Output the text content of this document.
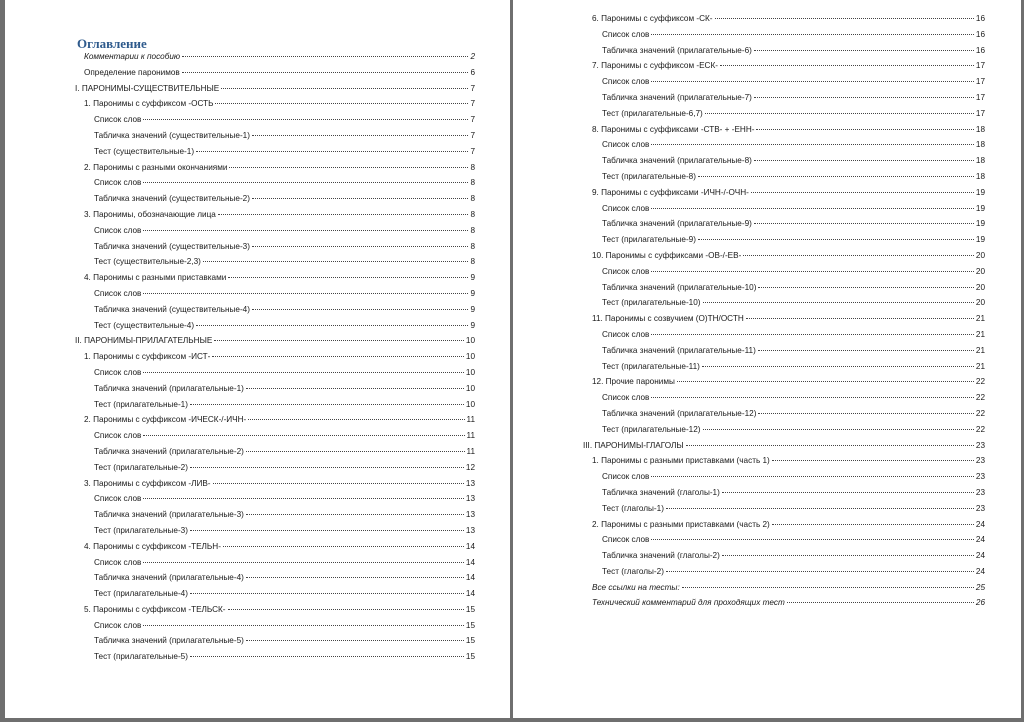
Оглавление
Комментарии к пособию	2
Определение паронимов	6
I. ПАРОНИМЫ-СУЩЕСТВИТЕЛЬНЫЕ	7
1. Паронимы с суффиксом -ОСТЬ	7
Список слов	7
Табличка значений (существительные-1)	7
Тест (существительные-1)	7
2. Паронимы с разными окончаниями	8
Список слов	8
Табличка значений (существительные-2)	8
3. Паронимы, обозначающие лица	8
Список слов	8
Табличка значений (существительные-3)	8
Тест (существительные-2,3)	8
4. Паронимы с разными приставками	9
Список слов	9
Табличка значений (существительные-4)	9
Тест (существительные-4)	9
II. ПАРОНИМЫ-ПРИЛАГАТЕЛЬНЫЕ	10
1. Паронимы с суффиксом -ИСТ-	10
Список слов	10
Табличка значений (прилагательные-1)	10
Тест (прилагательные-1)	10
2. Паронимы с суффиксом -ИЧЕСК-/-ИЧН-	11
Список слов	11
Табличка значений (прилагательные-2)	11
Тест (прилагательные-2)	12
3. Паронимы с суффиксом -ЛИВ-	13
Список слов	13
Табличка значений (прилагательные-3)	13
Тест (прилагательные-3)	13
4. Паронимы с суффиксом -ТЕЛЬН-	14
Список слов	14
Табличка значений (прилагательные-4)	14
Тест (прилагательные-4)	14
5. Паронимы с суффиксом -ТЕЛЬСК-	15
Список слов	15
Табличка значений (прилагательные-5)	15
Тест (прилагательные-5)	15
6. Паронимы с суффиксом -СК-	16
Список слов	16
Табличка значений (прилагательные-6)	16
7. Паронимы с суффиксом -ЕСК-	17
Список слов	17
Табличка значений (прилагательные-7)	17
Тест (прилагательные-6,7)	17
8. Паронимы с суффиксами -СТВ- + -ЕНН-	18
Список слов	18
Табличка значений (прилагательные-8)	18
Тест (прилагательные-8)	18
9. Паронимы с суффиксами -ИЧН-/-ОЧН-	19
Список слов	19
Табличка значений (прилагательные-9)	19
Тест (прилагательные-9)	19
10. Паронимы с суффиксами -ОВ-/-ЕВ-	20
Список слов	20
Табличка значений (прилагательные-10)	20
Тест (прилагательные-10)	20
11. Паронимы с созвучием (О)ТН/ОСТН	21
Список слов	21
Табличка значений (прилагательные-11)	21
Тест (прилагательные-11)	21
12. Прочие паронимы	22
Список слов	22
Табличка значений (прилагательные-12)	22
Тест (прилагательные-12)	22
III. ПАРОНИМЫ-ГЛАГОЛЫ	23
1. Паронимы с разными приставками (часть 1)	23
Список слов	23
Табличка значений (глаголы-1)	23
Тест (глаголы-1)	23
2. Паронимы с разными приставками (часть 2)	24
Список слов	24
Табличка значений (глаголы-2)	24
Тест (глаголы-2)	24
Все ссылки на тесты:	25
Технический комментарий для проходящих тест	26
